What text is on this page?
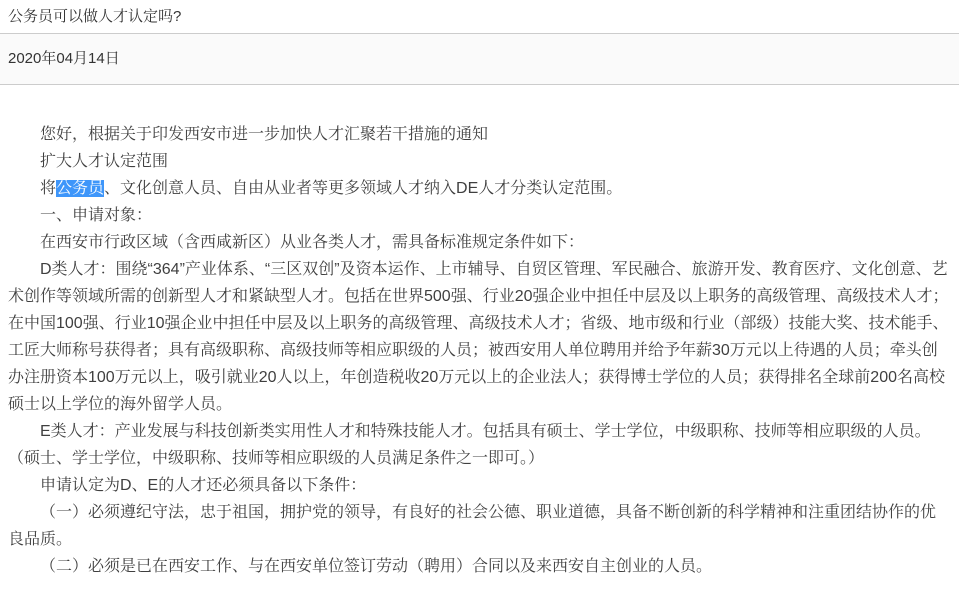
公务员可以做人才认定吗?
2020年04月14日

您好，根据关于印发西安市进一步加快人才汇聚若干措施的通知

扩大人才认定范围

将公务员、文化创意人员、自由从业者等更多领域人才纳入DE人才分类认定范围。

一、申请对象：

在西安市行政区域（含西咸新区）从业各类人才，需具备标准规定条件如下：

D类人才：围绕“364”产业体系、“三区双创”及资本运作、上市辅导、自贸区管理、军民融合、旅游开发、教育医疗、文化创意、艺术创作等领域所需的创新型人才和紧缺型人才。包括在世界500强、行业20强企业中担任中层及以上职务的高级管理、高级技术人才；在中国100强、行业10强企业中担任中层及以上职务的高级管理、高级技术人才；省级、地市级和行业（部级）技能大奖、技术能手、工匠大师称号获得者；具有高级职称、高级技师等相应职级的人员；被西安用人单位聘用并给予年薪30万元以上待遇的人员；牵头创办注册资本100万元以上，吸引就业20人以上，年创造税收20万元以上的企业法人；获得博士学位的人员；获得排名全球前200名高校硕士以上学位的海外留学人员。

E类人才：产业发展与科技创新类实用性人才和特殊技能人才。包括具有硕士、学士学位，中级职称、技师等相应职级的人员。（硕士、学士学位，中级职称、技师等相应职级的人员满足条件之一即可。）

申请认定为D、E的人才还必须具备以下条件：

（一）必须遵纪守法，忠于祖国，拥护党的领导，有良好的社会公德、职业道德，具备不断创新的科学精神和注重团结协作的优良品质。

（二）必须是已在西安工作、与在西安单位签订劳动（聘用）合同以及来西安自主创业的人员。
